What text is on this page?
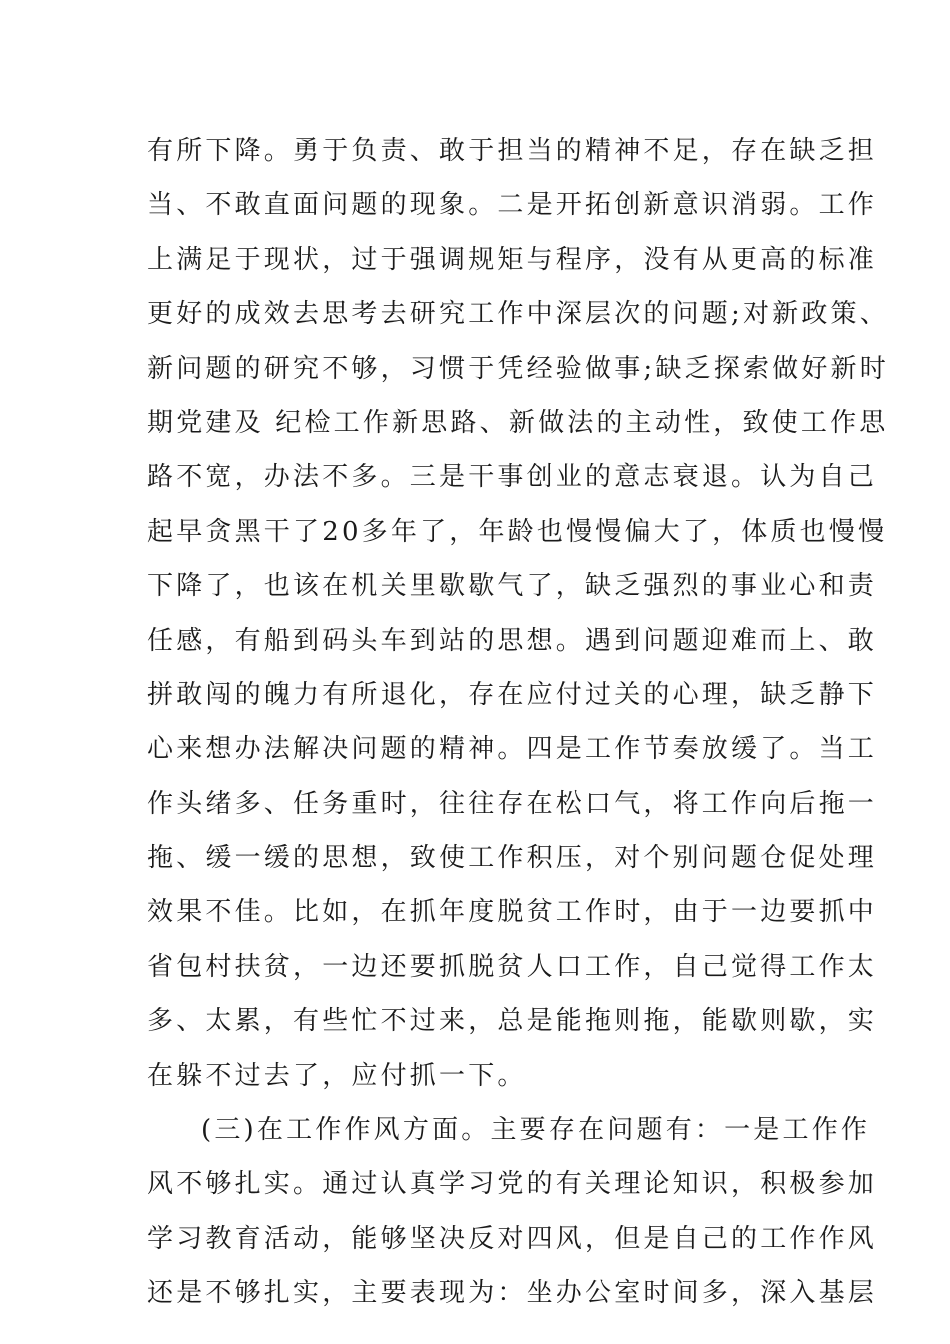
有所下降。勇于负责、敢于担当的精神不足，存在缺乏担
当、不敢直面问题的现象。二是开拓创新意识消弱。工作
上满足于现状，过于强调规矩与程序，没有从更高的标准
更好的成效去思考去研究工作中深层次的问题;对新政策、
新问题的研究不够，习惯于凭经验做事;缺乏探索做好新时
期党建及 纪检工作新思路、新做法的主动性，致使工作思
路不宽，办法不多。三是干事创业的意志衰退。认为自己
起早贪黑干了20多年了，年龄也慢慢偏大了，体质也慢慢
下降了，也该在机关里歇歇气了，缺乏强烈的事业心和责
任感，有船到码头车到站的思想。遇到问题迎难而上、敢
拼敢闯的魄力有所退化，存在应付过关的心理，缺乏静下
心来想办法解决问题的精神。四是工作节奏放缓了。当工
作头绪多、任务重时，往往存在松口气，将工作向后拖一
拖、缓一缓的思想，致使工作积压，对个别问题仓促处理
效果不佳。比如，在抓年度脱贫工作时，由于一边要抓中
省包村扶贫，一边还要抓脱贫人口工作，自己觉得工作太
多、太累，有些忙不过来，总是能拖则拖，能歇则歇，实
在躲不过去了，应付抓一下。
(三)在工作作风方面。主要存在问题有：一是工作作
风不够扎实。通过认真学习党的有关理论知识，积极参加
学习教育活动，能够坚决反对四风，但是自己的工作作风
还是不够扎实，主要表现为：坐办公室时间多，深入基层
